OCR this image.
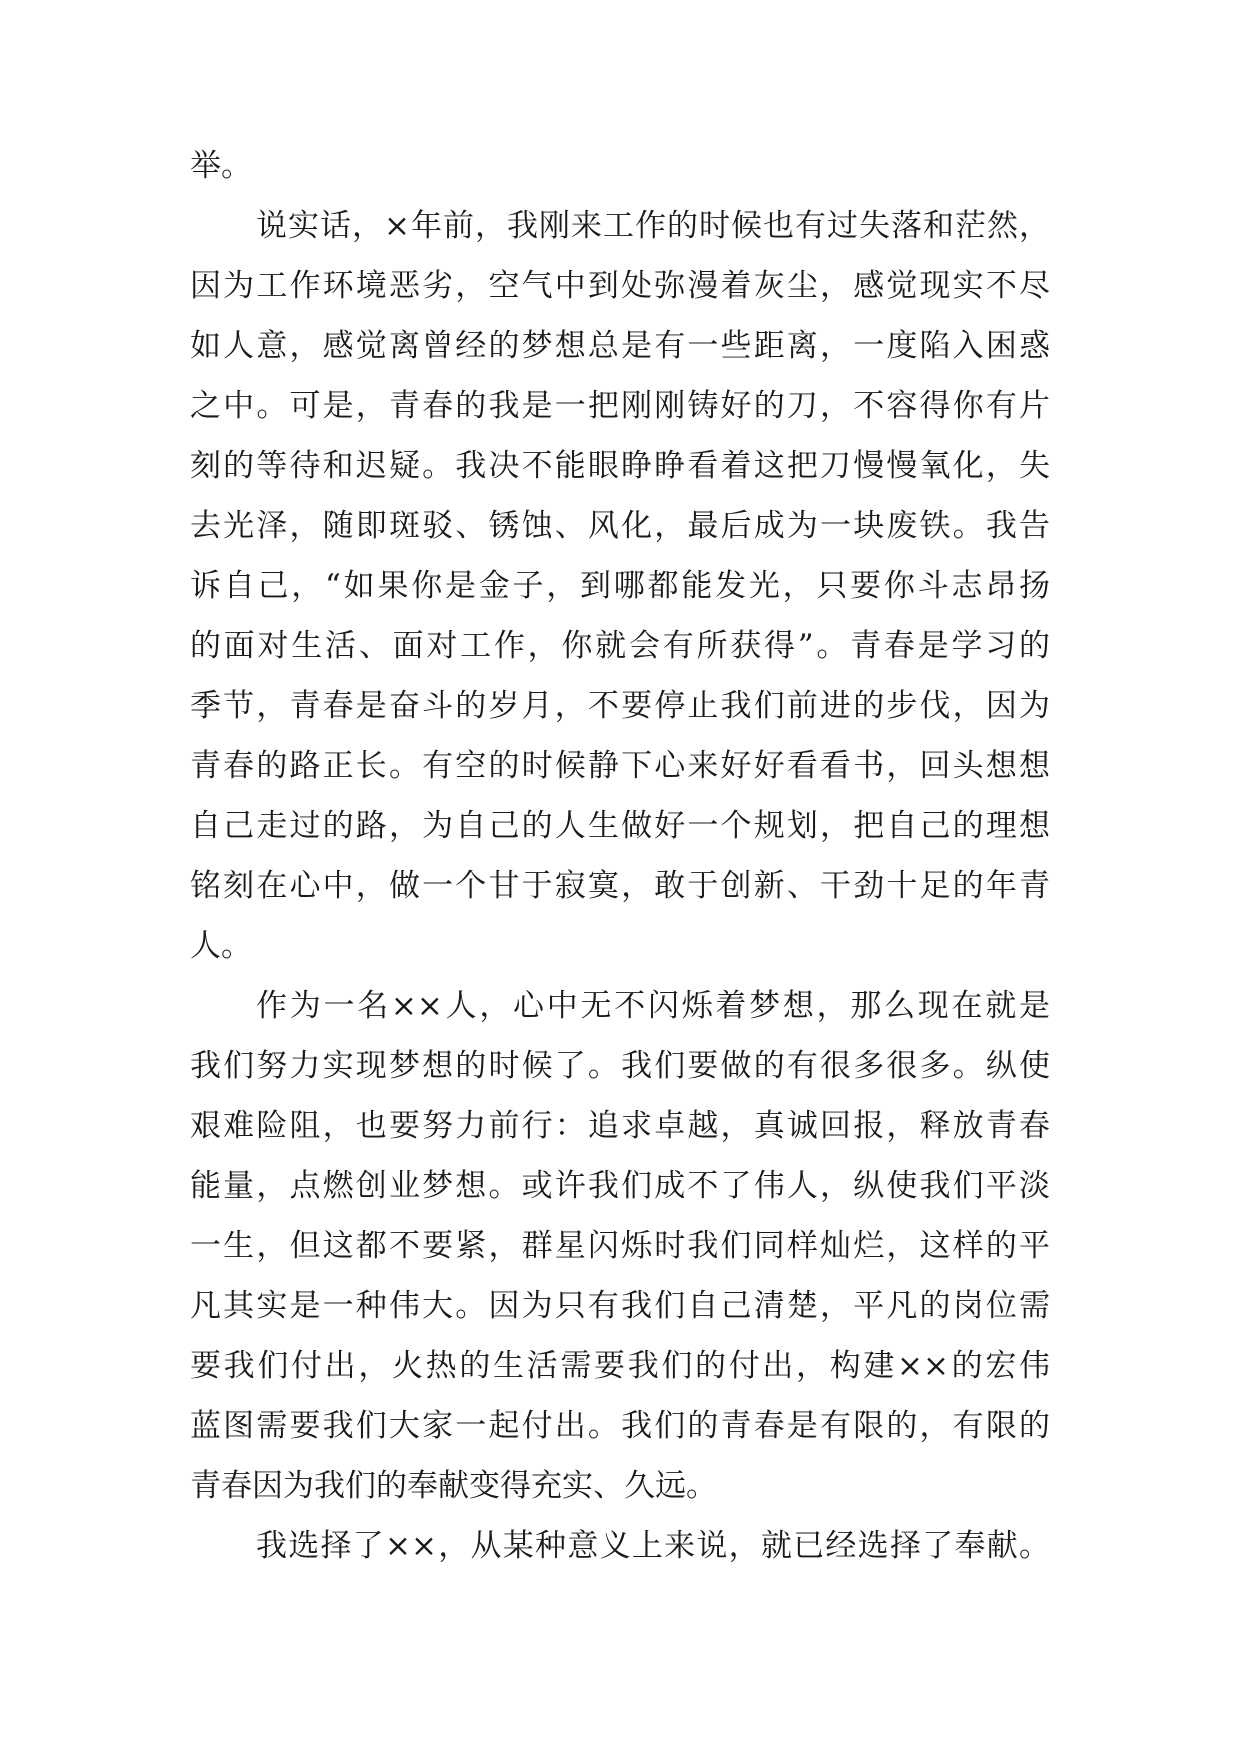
举。
说实话，×年前，我刚来工作的时候也有过失落和茫然，
因为工作环境恶劣，空气中到处弥漫着灰尘，感觉现实不尽
如人意，感觉离曾经的梦想总是有一些距离，一度陷入困惑
之中。可是，青春的我是一把刚刚铸好的刀，不容得你有片
刻的等待和迟疑。我决不能眼睁睁看着这把刀慢慢氧化，失
去光泽，随即斑驳、锈蚀、风化，最后成为一块废铁。我告
诉自己，“如果你是金子，到哪都能发光，只要你斗志昂扬
的面对生活、面对工作，你就会有所获得”。青春是学习的
季节，青春是奋斗的岁月，不要停止我们前进的步伐，因为
青春的路正长。有空的时候静下心来好好看看书，回头想想
自己走过的路，为自己的人生做好一个规划，把自己的理想
铭刻在心中，做一个甘于寂寞，敢于创新、干劲十足的年青
人。
作为一名××人，心中无不闪烁着梦想，那么现在就是
我们努力实现梦想的时候了。我们要做的有很多很多。纵使
艰难险阻，也要努力前行：追求卓越，真诚回报，释放青春
能量，点燃创业梦想。或许我们成不了伟人，纵使我们平淡
一生，但这都不要紧，群星闪烁时我们同样灿烂，这样的平
凡其实是一种伟大。因为只有我们自己清楚，平凡的岗位需
要我们付出，火热的生活需要我们的付出，构建××的宏伟
蓝图需要我们大家一起付出。我们的青春是有限的，有限的
青春因为我们的奉献变得充实、久远。
我选择了××，从某种意义上来说，就已经选择了奉献。
